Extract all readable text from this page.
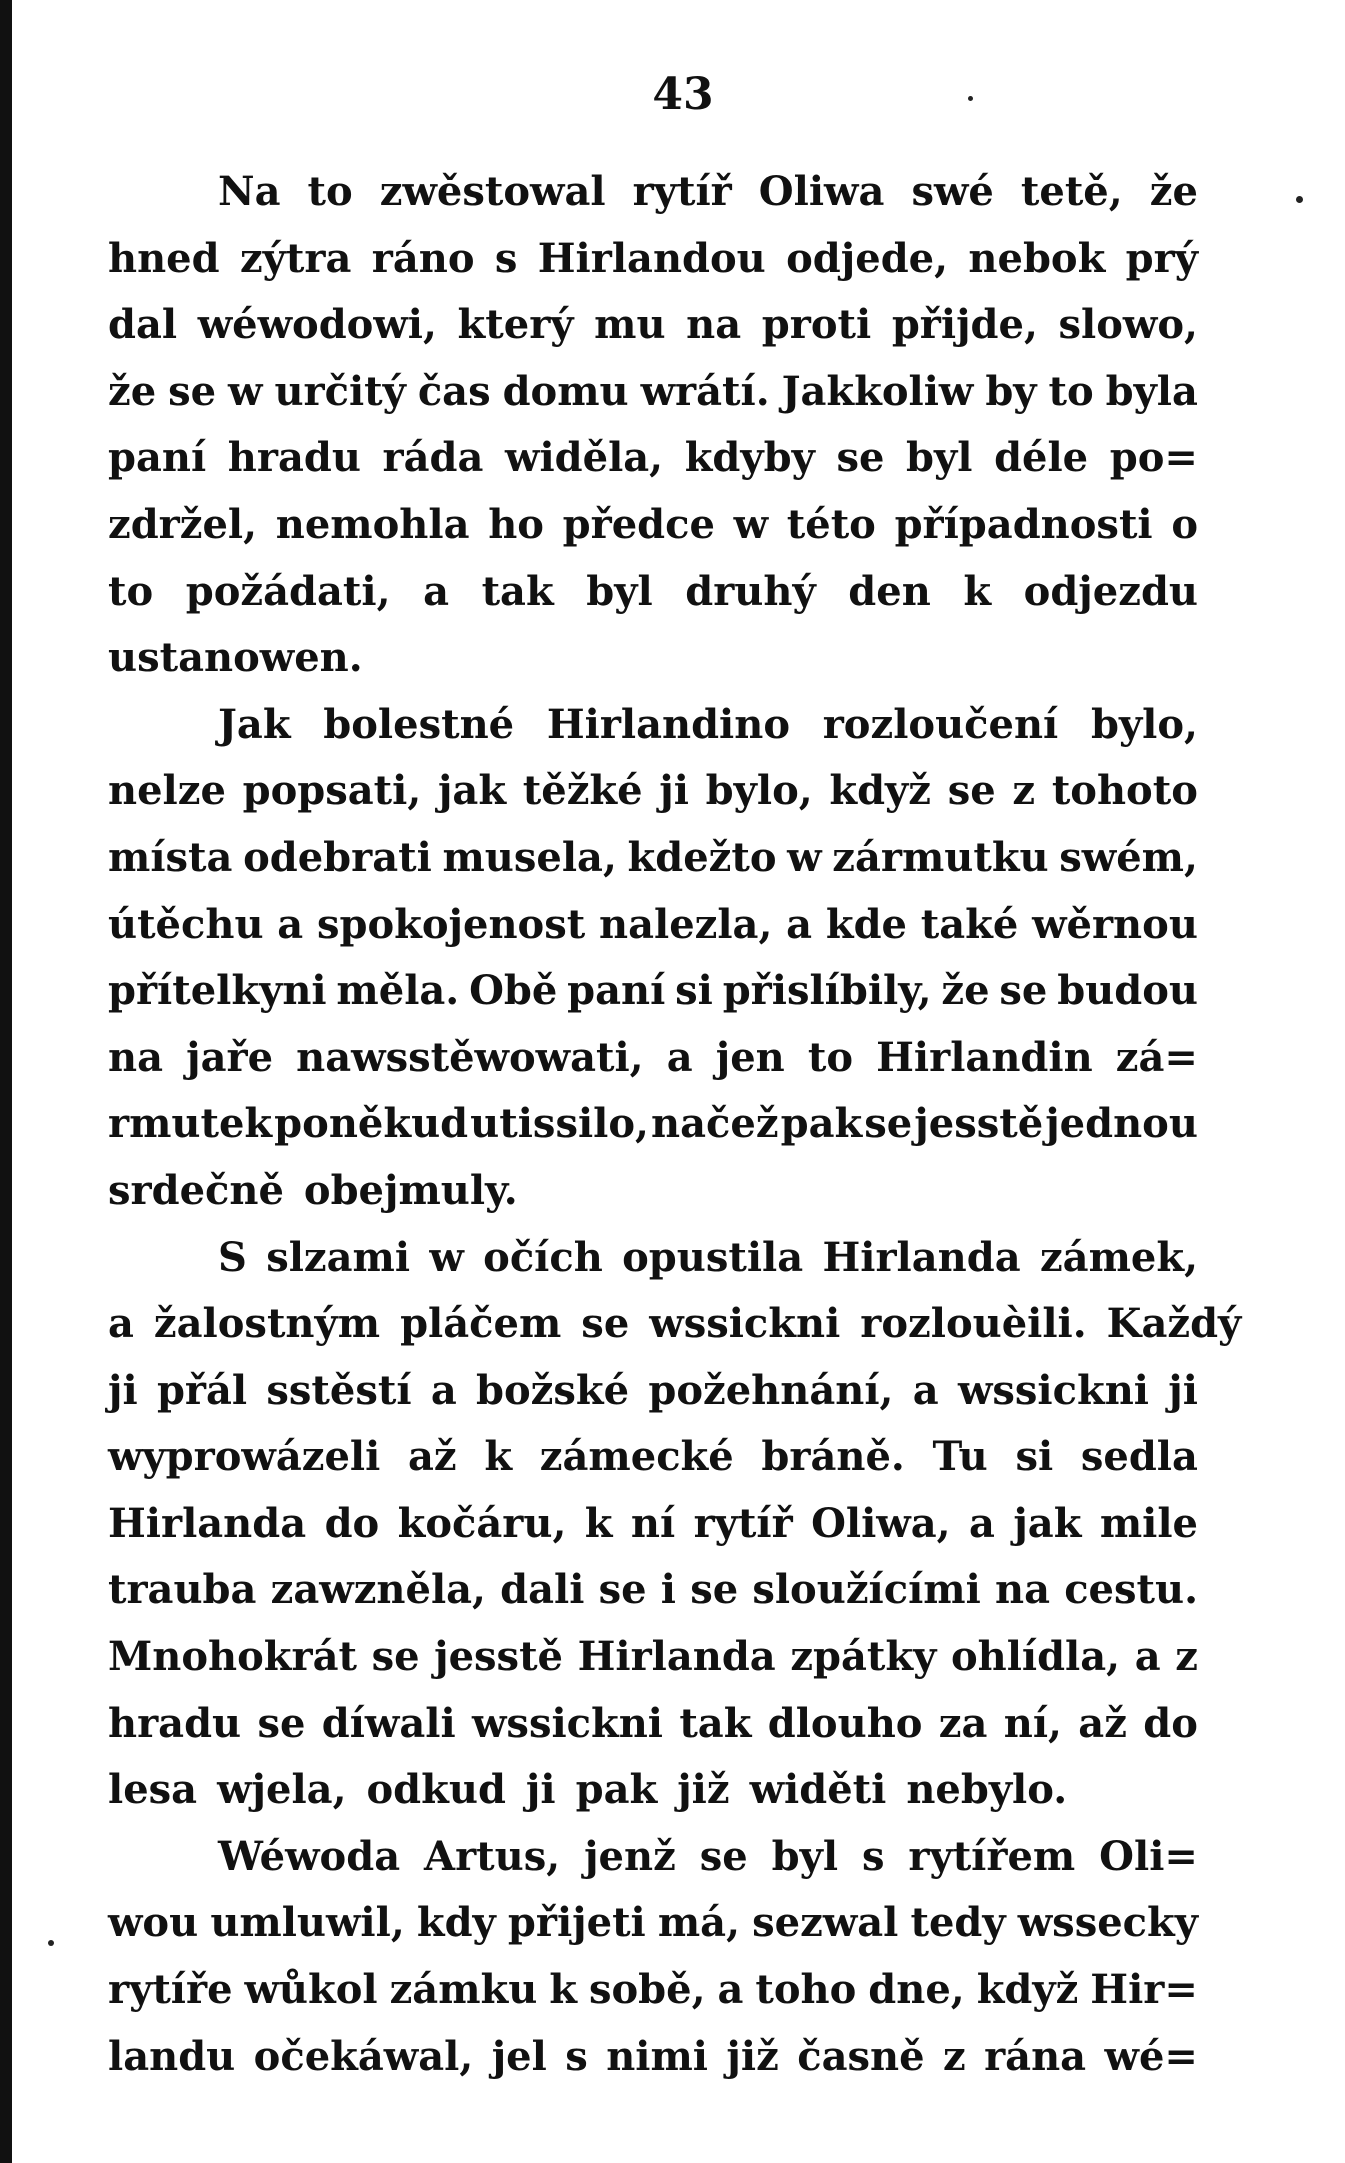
43
Na to zwěstowal rytíř Oliwa swé tetě, že
hned zýtra ráno s Hirlandou odjede, nebok prý
dal wéwodowi, který mu na proti přijde, slowo,
že se w určitý čas domu wrátí. Jakkoliw by to byla
paní hradu ráda widěla, kdyby se byl déle po=
zdržel, nemohla ho předce w této případnosti o
to požádati, a tak byl druhý den k odjezdu
ustanowen.
Jak bolestné Hirlandino rozloučení bylo,
nelze popsati, jak těžké ji bylo, když se z tohoto
místa odebrati musela, kdežto w zármutku swém,
útěchu a spokojenost nalezla, a kde také wěrnou
přítelkyni měla. Obě paní si přislíbily, že se budou
na jaře nawsstěwowati, a jen to Hirlandin zá=
rmutek poněkud utissilo, načež pak se jesstě jednou
srdečně obejmuly.
S slzami w očích opustila Hirlanda zámek,
a žalostným pláčem se wssickni rozlouèili. Každý
ji přál sstěstí a božské požehnání, a wssickni ji
wyprowázeli až k zámecké bráně. Tu si sedla
Hirlanda do kočáru, k ní rytíř Oliwa, a jak mile
trauba zawzněla, dali se i se sloužícími na cestu.
Mnohokrát se jesstě Hirlanda zpátky ohlídla, a z
hradu se díwali wssickni tak dlouho za ní, až do
lesa wjela, odkud ji pak již widěti nebylo.
Wéwoda Artus, jenž se byl s rytířem Oli=
wou umluwil, kdy přijeti má, sezwal tedy wssecky
rytíře wůkol zámku k sobě, a toho dne, když Hir=
landu očekáwal, jel s nimi již časně z rána wé=
